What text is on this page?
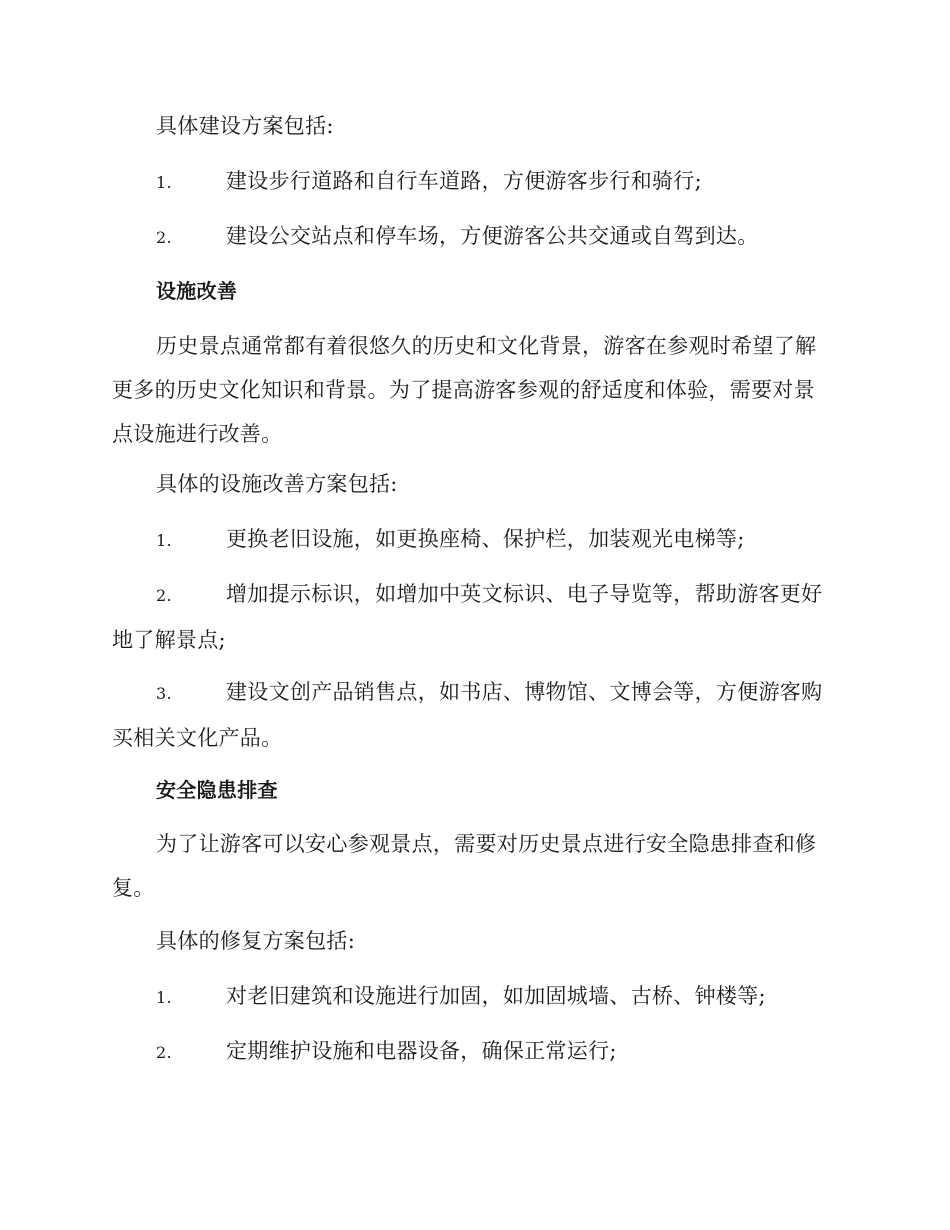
具体建设方案包括:
1.	建设步行道路和自行车道路，方便游客步行和骑行;
2.	建设公交站点和停车场，方便游客公共交通或自驾到达。
设施改善
历史景点通常都有着很悠久的历史和文化背景，游客在参观时希望了解更多的历史文化知识和背景。为了提高游客参观的舒适度和体验，需要对景点设施进行改善。
具体的设施改善方案包括:
1.	更换老旧设施，如更换座椅、保护栏，加装观光电梯等;
2.	增加提示标识，如增加中英文标识、电子导览等，帮助游客更好地了解景点;
3.	建设文创产品销售点，如书店、博物馆、文博会等，方便游客购买相关文化产品。
安全隐患排查
为了让游客可以安心参观景点，需要对历史景点进行安全隐患排查和修复。
具体的修复方案包括:
1.	对老旧建筑和设施进行加固，如加固城墙、古桥、钟楼等;
2.	定期维护设施和电器设备，确保正常运行;
